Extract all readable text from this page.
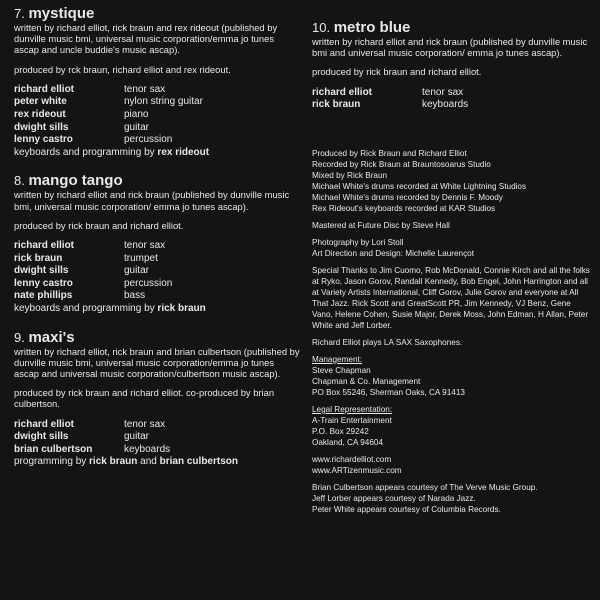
7. mystique

written by richard elliot, rick braun and rex rideout (published by dunville music bmi, universal music corporation/emma jo tunes ascap and uncle buddie's music ascap).

produced by rck braun, richard elliot and rex rideout.

richard elliot	tenor sax
peter white	nylon string guitar
rex rideout	piano
dwight sills	guitar
lenny castro	percussion
keyboards and programming by rex rideout
8. mango tango

written by richard elliot and rick braun (published by dunville music bmi, universal music corporation/ emma jo tunes ascap).

produced by rick braun and richard elliot.

richard elliot	tenor sax
rick braun	trumpet
dwight sills	guitar
lenny castro	percussion
nate phillips	bass
keyboards and programming by rick braun
9. maxi's

written by richard elliot, rick braun and brian culbertson (published by dunville music bmi, universal music corporation/emma jo tunes ascap and universal music corporation/culbertson music ascap).

produced by rick braun and richard elliot. co-produced by brian culbertson.

richard elliot	tenor sax
dwight sills	guitar
brian culbertson	keyboards
programming by rick braun and brian culbertson
10. metro blue

written by richard elliot and rick braun (published by dunville music bmi and universal music corporation/ emma jo tunes ascap).

produced by rick braun and richard elliot.

richard elliot	tenor sax
rick braun	keyboards

Produced by Rick Braun and Richard Elliot
Recorded by Rick Braun at Brauntosoarus Studio
Mixed by Rick Braun
Michael White's drums recorded at White Lightning Studios
Michael White's drums recorded by Dennis F. Moody
Rex Rideout's keyboards recorded at KAR Studios

Mastered at Future Disc by Steve Hall

Photography by Lori Stoll
Art Direction and Design: Michelle Laurençot

Special Thanks to Jim Cuomo, Rob McDonald, Connie Kirch and all the folks at Ryko, Jason Gorov, Randall Kennedy, Bob Engel, John Harrington and all at Variety Artists International, Cliff Gorov, Julie Gorov and everyone at All That Jazz. Rick Scott and GreatScott PR, Jim Kennedy, VJ Benz, Gene Vano, Helene Cohen, Susie Major, Derek Moss, John Edman, H Allan, Peter White and Jeff Lorber.

Richard Elliot plays LA SAX Saxophones.

Management:
Steve Chapman
Chapman & Co. Management
PO Box 55246, Sherman Oaks, CA 91413

Legal Representation:
A-Train Entertainment
P.O. Box 29242
Oakland, CA 94604

www.richardelliot.com
www.ARTizenmusic.com

Brian Culbertson appears courtesy of The Verve Music Group.
Jeff Lorber appears courtesy of Narada Jazz.
Peter White appears courtesy of Columbia Records.
